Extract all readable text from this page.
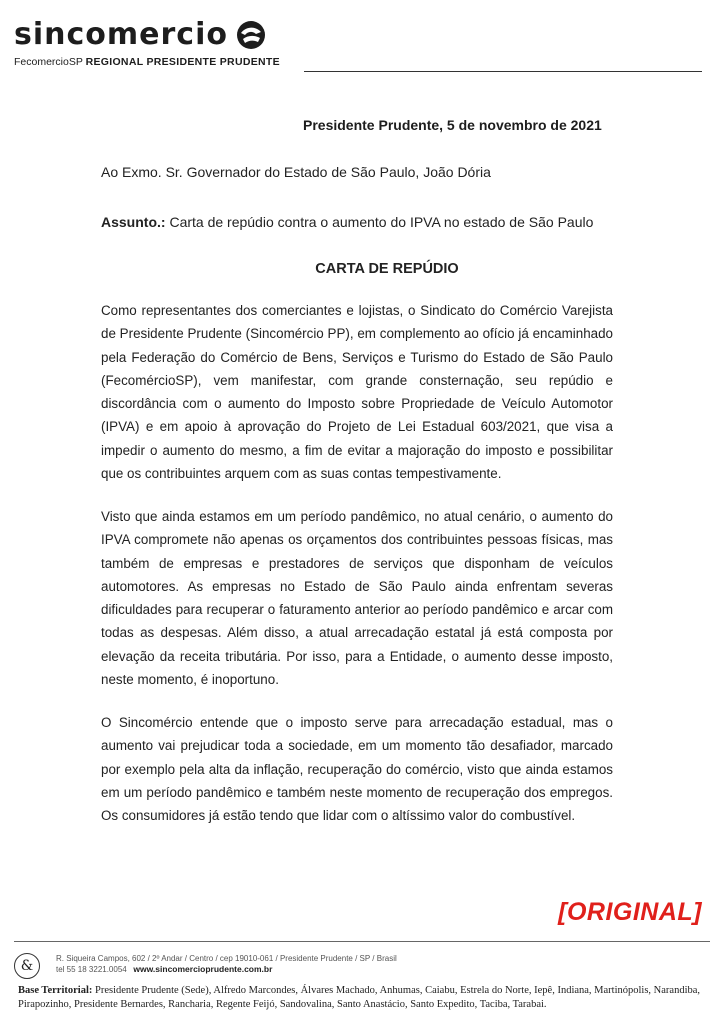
sincomercio
FecomercioSP REGIONAL PRESIDENTE PRUDENTE
Presidente Prudente, 5 de novembro de 2021
Ao Exmo. Sr. Governador do Estado de São Paulo, João Dória
Assunto.: Carta de repúdio contra o aumento do IPVA no estado de São Paulo
CARTA DE REPÚDIO
Como representantes dos comerciantes e lojistas, o Sindicato do Comércio Varejista de Presidente Prudente (Sincomércio PP), em complemento ao ofício já encaminhado pela Federação do Comércio de Bens, Serviços e Turismo do Estado de São Paulo (FecomércioSP), vem manifestar, com grande consternação, seu repúdio e discordância com o aumento do Imposto sobre Propriedade de Veículo Automotor (IPVA) e em apoio à aprovação do Projeto de Lei Estadual 603/2021, que visa a impedir o aumento do mesmo, a fim de evitar a majoração do imposto e possibilitar que os contribuintes arquem com as suas contas tempestivamente.
Visto que ainda estamos em um período pandêmico, no atual cenário, o aumento do IPVA compromete não apenas os orçamentos dos contribuintes pessoas físicas, mas também de empresas e prestadores de serviços que disponham de veículos automotores. As empresas no Estado de São Paulo ainda enfrentam severas dificuldades para recuperar o faturamento anterior ao período pandêmico e arcar com todas as despesas. Além disso, a atual arrecadação estatal já está composta por elevação da receita tributária. Por isso, para a Entidade, o aumento desse imposto, neste momento, é inoportuno.
O Sincomércio entende que o imposto serve para arrecadação estadual, mas o aumento vai prejudicar toda a sociedade, em um momento tão desafiador, marcado por exemplo pela alta da inflação, recuperação do comércio, visto que ainda estamos em um período pandêmico e também neste momento de recuperação dos empregos. Os consumidores já estão tendo que lidar com o altíssimo valor do combustível.
[ORIGINAL]
&	R. Siqueira Campos, 602 / 2º Andar / Centro / cep 19010-061 / Presidente Prudente / SP / Brasil
tel 55 18 3221.0054 www.sincomercioprudente.com.br
Base Territorial: Presidente Prudente (Sede), Alfredo Marcondes, Álvares Machado, Anhumas, Caiabu, Estrela do Norte, Iepê, Indiana, Martinópolis, Narandiba, Pirapozinho, Presidente Bernardes, Rancharia, Regente Feijó, Sandovalina, Santo Anastácio, Santo Expedito, Taciba, Tarabai.
